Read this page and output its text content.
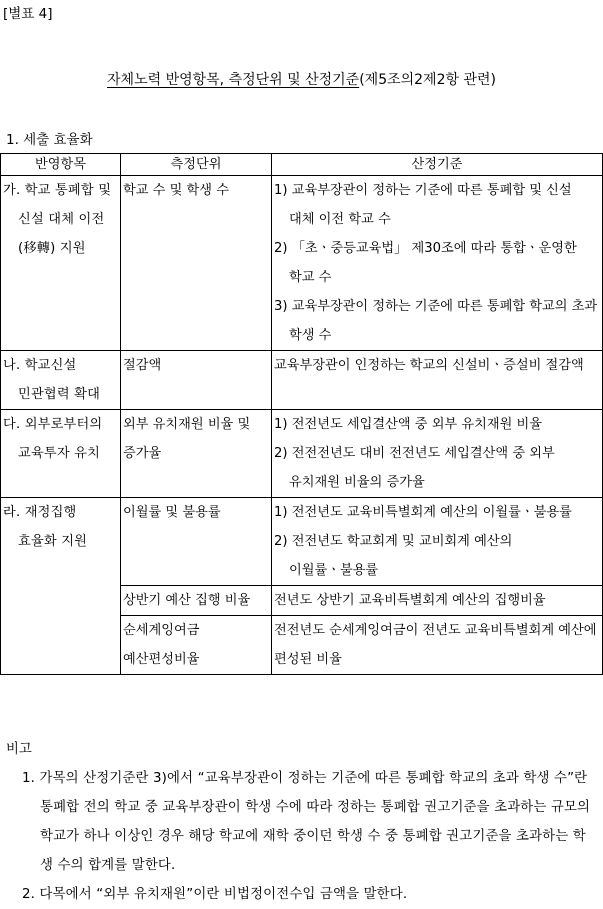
[별표 4]
자체노력 반영항목, 측정단위 및 산정기준(제5조의2제2항 관련)
1. 세출 효율화
반영항목	측정단위	산정기준

가. 학교 통폐합 및 신설 대체 이전(移轉) 지원	학교 수 및 학생 수	1) 교육부장관이 정하는 기준에 따른 통폐합 및 신설 대체 이전 학교 수
2) 「초ㆍ중등교육법」 제30조에 따라 통합ㆍ운영한 학교 수
3) 교육부장관이 정하는 기준에 따른 통폐합 학교의 초과 학생 수

나. 학교신설 민관협력 확대	절감액	교육부장관이 인정하는 학교의 신설비ㆍ증설비 절감액

다. 외부로부터의 교육투자 유치	외부 유치재원 비율 및 증가율	1) 전전년도 세입결산액 중 외부 유치재원 비율
2) 전전전년도 대비 전전년도 세입결산액 중 외부 유치재원 비율의 증가율

라. 재정집행 효율화 지원	이월률 및 불용률	1) 전전년도 교육비특별회계 예산의 이월률ㆍ불용률
2) 전전년도 학교회계 및 교비회계 예산의 이월률ㆍ불용률

	상반기 예산 집행 비율	전년도 상반기 교육비특별회계 예산의 집행비율
	순세계잉여금 예산편성비율	전전년도 순세계잉여금이 전년도 교육비특별회계 예산에 편성된 비율
비고
1. 가목의 산정기준란 3)에서 “교육부장관이 정하는 기준에 따른 통폐합 학교의 초과 학생 수”란 통폐합 전의 학교 중 교육부장관이 학생 수에 따라 정하는 통폐합 권고기준을 초과하는 규모의 학교가 하나 이상인 경우 해당 학교에 재학 중이던 학생 수 중 통폐합 권고기준을 초과하는 학생 수의 합계를 말한다.
2. 다목에서 “외부 유치재원”이란 비법정이전수입 금액을 말한다.
